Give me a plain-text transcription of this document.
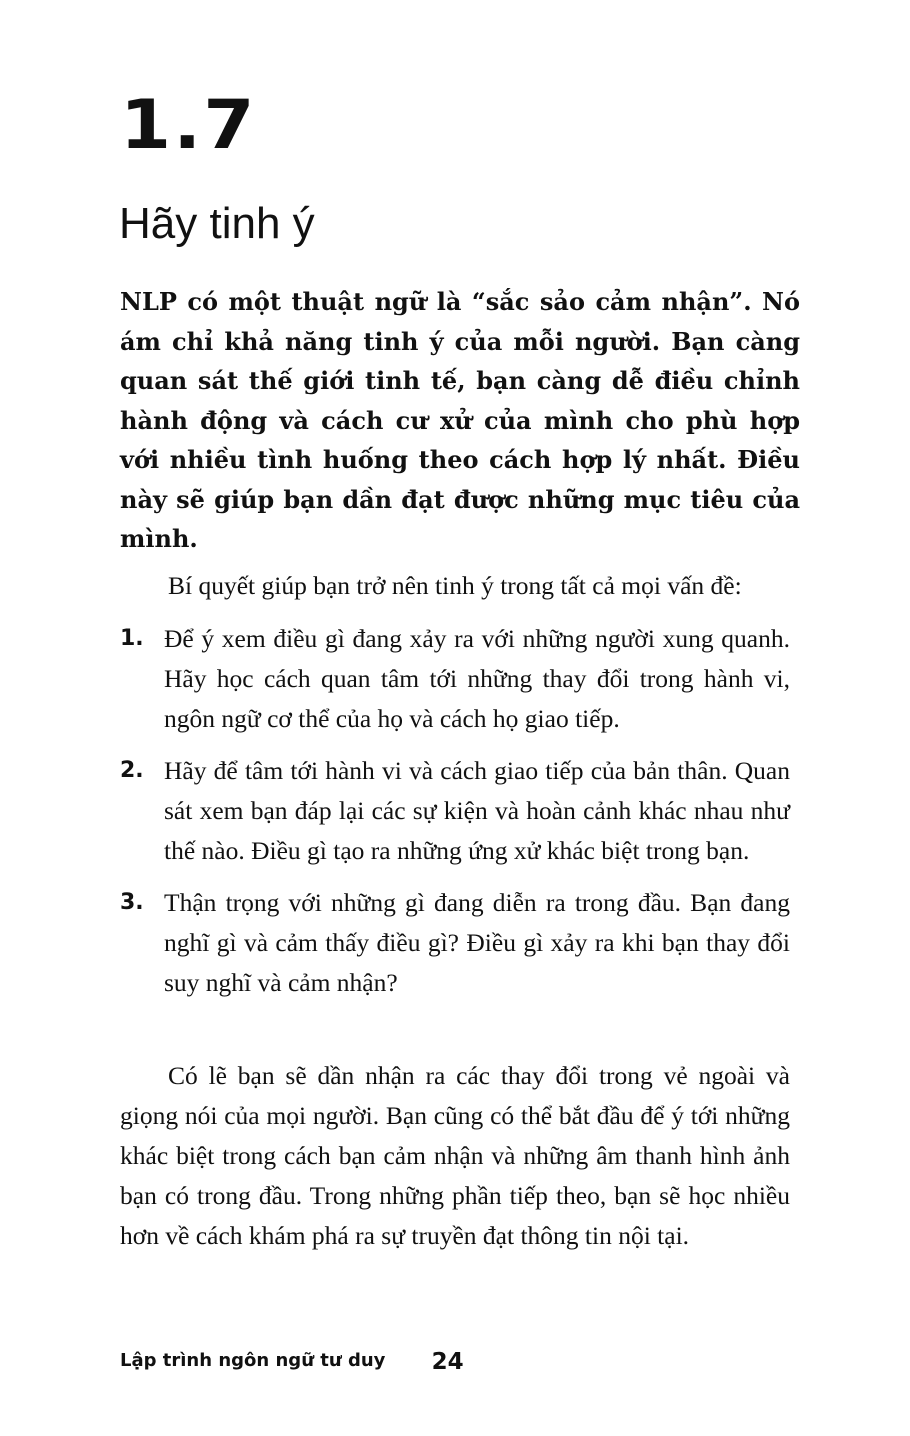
1.7
Hãy tinh ý

NLP có một thuật ngữ là “sắc sảo cảm nhận”. Nó ám chỉ khả năng tinh ý của mỗi người. Bạn càng quan sát thế giới tinh tế, bạn càng dễ điều chỉnh hành động và cách cư xử của mình cho phù hợp với nhiều tình huống theo cách hợp lý nhất. Điều này sẽ giúp bạn dần đạt được những mục tiêu của mình.

Bí quyết giúp bạn trở nên tinh ý trong tất cả mọi vấn đề:

1. Để ý xem điều gì đang xảy ra với những người xung quanh. Hãy học cách quan tâm tới những thay đổi trong hành vi, ngôn ngữ cơ thể của họ và cách họ giao tiếp.
2. Hãy để tâm tới hành vi và cách giao tiếp của bản thân. Quan sát xem bạn đáp lại các sự kiện và hoàn cảnh khác nhau như thế nào. Điều gì tạo ra những ứng xử khác biệt trong bạn.
3. Thận trọng với những gì đang diễn ra trong đầu. Bạn đang nghĩ gì và cảm thấy điều gì? Điều gì xảy ra khi bạn thay đổi suy nghĩ và cảm nhận?

Có lẽ bạn sẽ dần nhận ra các thay đổi trong vẻ ngoài và giọng nói của mọi người. Bạn cũng có thể bắt đầu để ý tới những khác biệt trong cách bạn cảm nhận và những âm thanh hình ảnh bạn có trong đầu. Trong những phần tiếp theo, bạn sẽ học nhiều hơn về cách khám phá ra sự truyền đạt thông tin nội tại.

Lập trình ngôn ngữ tư duy 24
